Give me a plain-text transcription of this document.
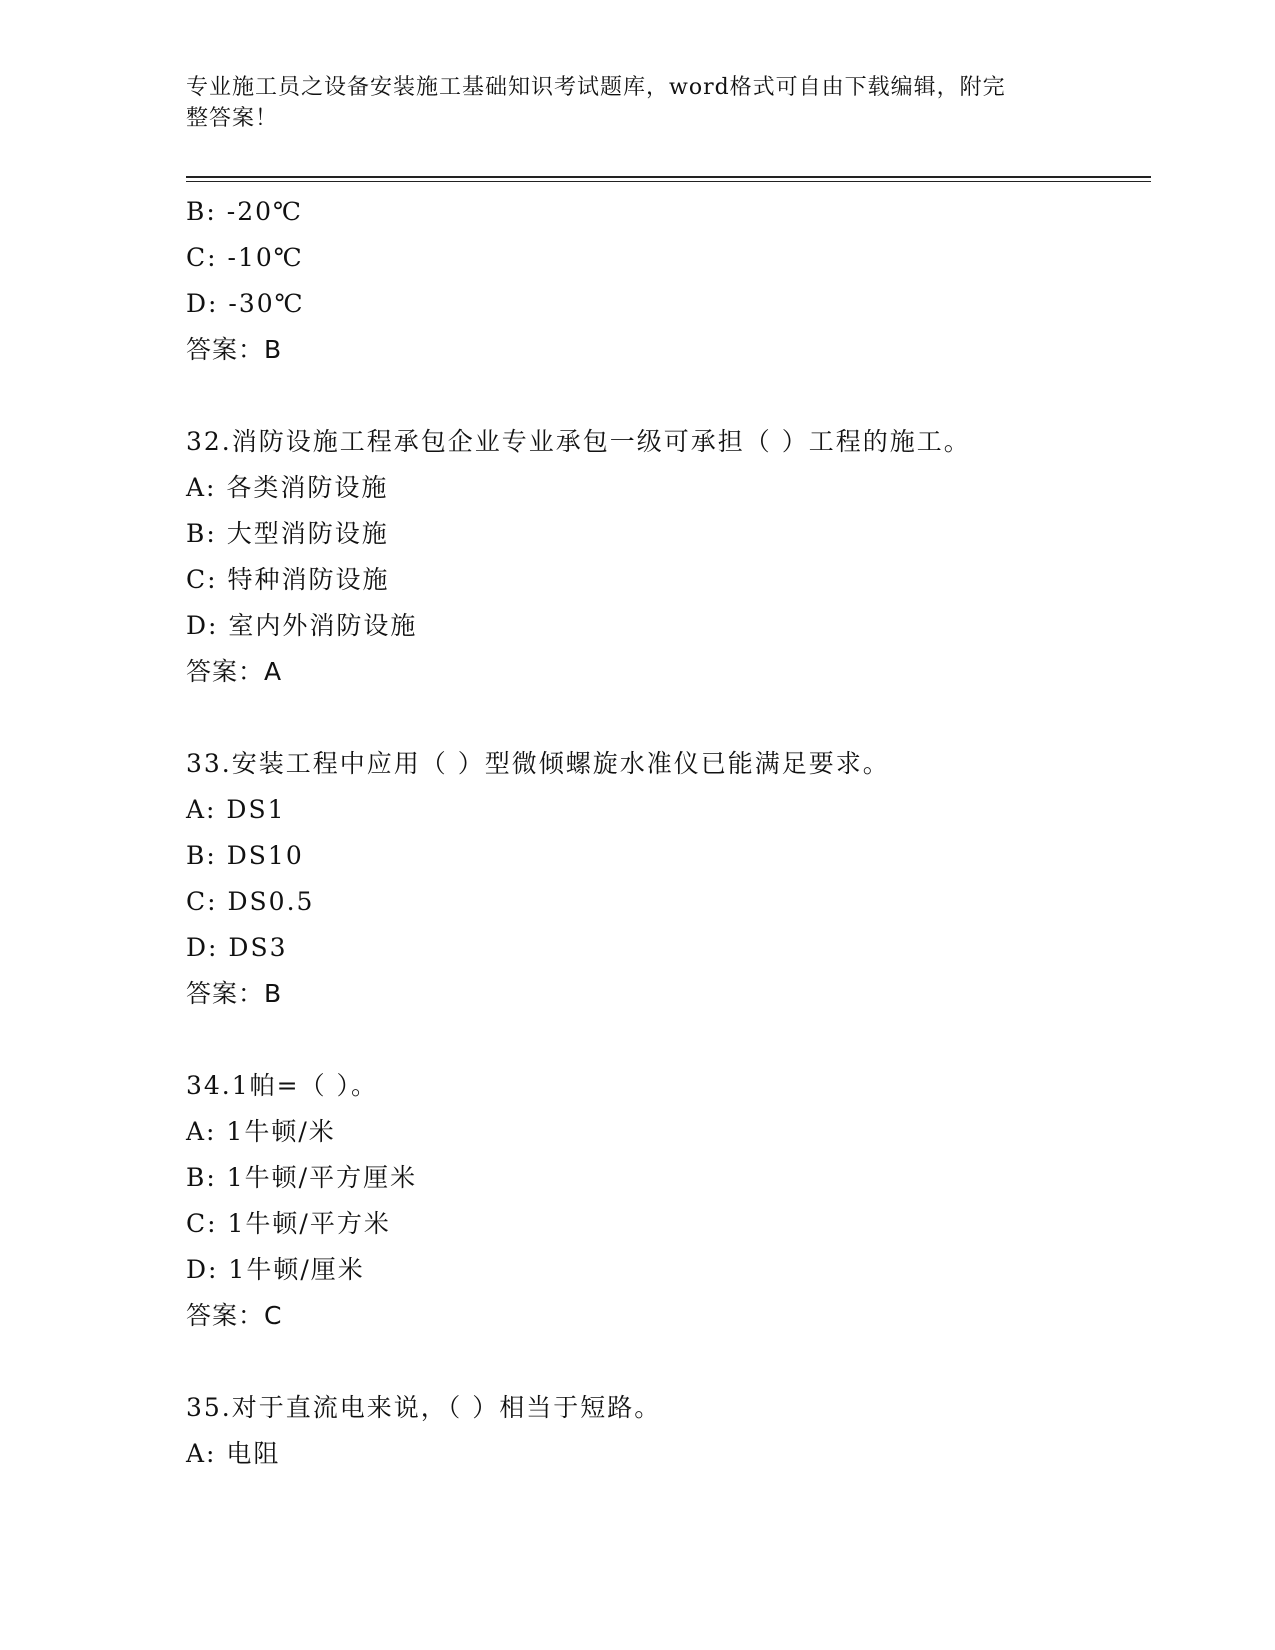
专业施工员之设备安装施工基础知识考试题库，word格式可自由下载编辑，附完
整答案！
B: -20℃
C: -10℃
D: -30℃
答案：B
32.消防设施工程承包企业专业承包一级可承担（ ）工程的施工。
A: 各类消防设施
B: 大型消防设施
C: 特种消防设施
D: 室内外消防设施
答案：A
33.安装工程中应用（ ）型微倾螺旋水准仪已能满足要求。
A: DS1
B: DS10
C: DS0.5
D: DS3
答案：B
34.1帕=（ ）。
A: 1牛顿/米
B: 1牛顿/平方厘米
C: 1牛顿/平方米
D: 1牛顿/厘米
答案：C
35.对于直流电来说，（ ）相当于短路。
A: 电阻
